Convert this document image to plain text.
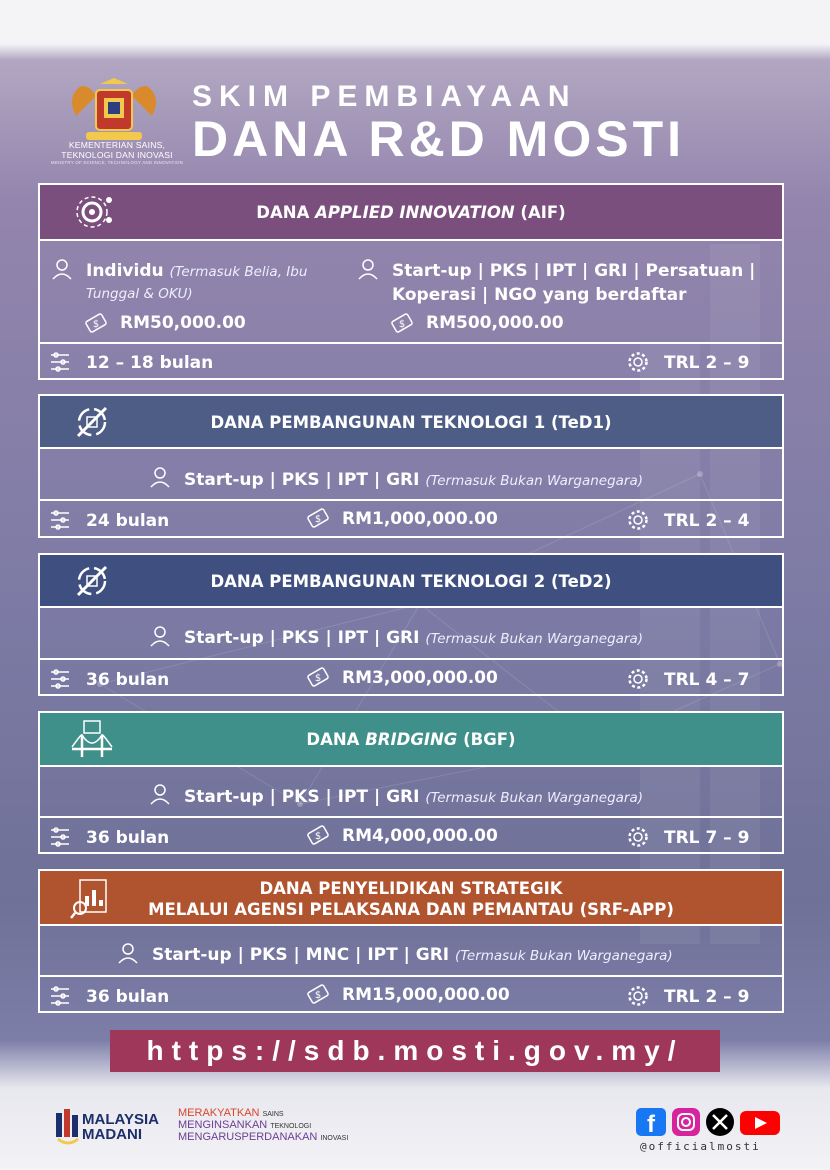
KEMENTERIAN SAINS,
TEKNOLOGI DAN INOVASI
MINISTRY OF SCIENCE, TECHNOLOGY AND INNOVATION
SKIM PEMBIAYAAN
DANA R&D MOSTI
DANA APPLIED INNOVATION (AIF)
Individu (Termasuk Belia, Ibu
Tunggal & OKU)
$ RM50,000.00
Start-up | PKS | IPT | GRI | Persatuan |
Koperasi | NGO yang berdaftar
$ RM500,000.00
12 – 18 bulan	TRL 2 – 9
DANA PEMBANGUNAN TEKNOLOGI 1 (TeD1)
Start-up | PKS | IPT | GRI (Termasuk Bukan Warganegara)
24 bulan	$ RM1,000,000.00	TRL 2 – 4
DANA PEMBANGUNAN TEKNOLOGI 2 (TeD2)
Start-up | PKS | IPT | GRI (Termasuk Bukan Warganegara)
36 bulan	$ RM3,000,000.00	TRL 4 – 7
DANA BRIDGING (BGF)
Start-up | PKS | IPT | GRI (Termasuk Bukan Warganegara)
36 bulan	$ RM4,000,000.00	TRL 7 – 9
DANA PENYELIDIKAN STRATEGIK
MELALUI AGENSI PELAKSANA DAN PEMANTAU (SRF-APP)
Start-up | PKS | MNC | IPT | GRI (Termasuk Bukan Warganegara)
36 bulan	$ RM15,000,000.00	TRL 2 – 9
https://sdb.mosti.gov.my/
MALAYSIA
MADANI
MERAKYATKAN SAINS
MENGINSANKAN TEKNOLOGI
MENGARUSPERDANAKAN INOVASI
f
@officialmosti
